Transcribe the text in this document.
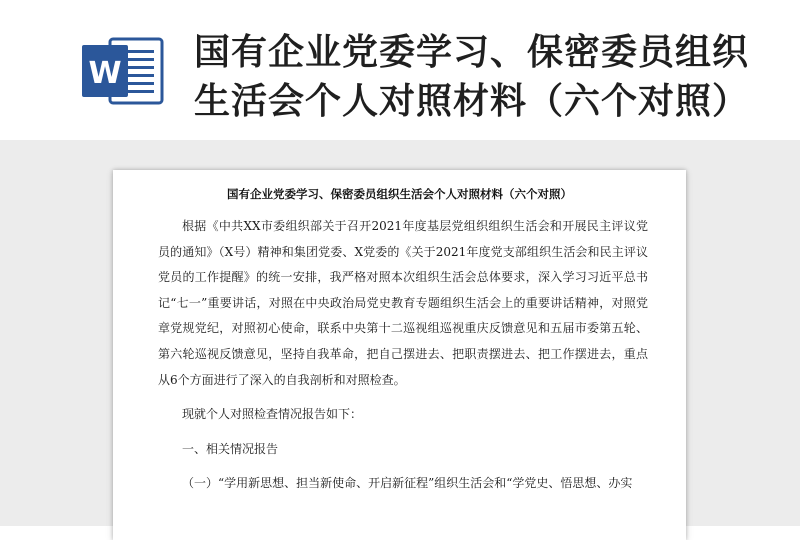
W
国有企业党委学习、保密委员组织生活会个人对照材料（六个对照）
国有企业党委学习、保密委员组织生活会个人对照材料（六个对照）

根据《中共XX市委组织部关于召开2021年度基层党组织组织生活会和开展民主评议党员的通知》（X号）精神和集团党委、X党委的《关于2021年度党支部组织生活会和民主评议党员的工作提醒》的统一安排，我严格对照本次组织生活会总体要求，深入学习习近平总书记“七一”重要讲话，对照在中央政治局党史教育专题组织生活会上的重要讲话精神，对照党章党规党纪，对照初心使命，联系中央第十二巡视组巡视重庆反馈意见和五届市委第五轮、第六轮巡视反馈意见，坚持自我革命，把自己摆进去、把职责摆进去、把工作摆进去，重点从6个方面进行了深入的自我剖析和对照检查。

现就个人对照检查情况报告如下：

一、相关情况报告

（一）“学用新思想、担当新使命、开启新征程”组织生活会和“学党史、悟思想、办实
